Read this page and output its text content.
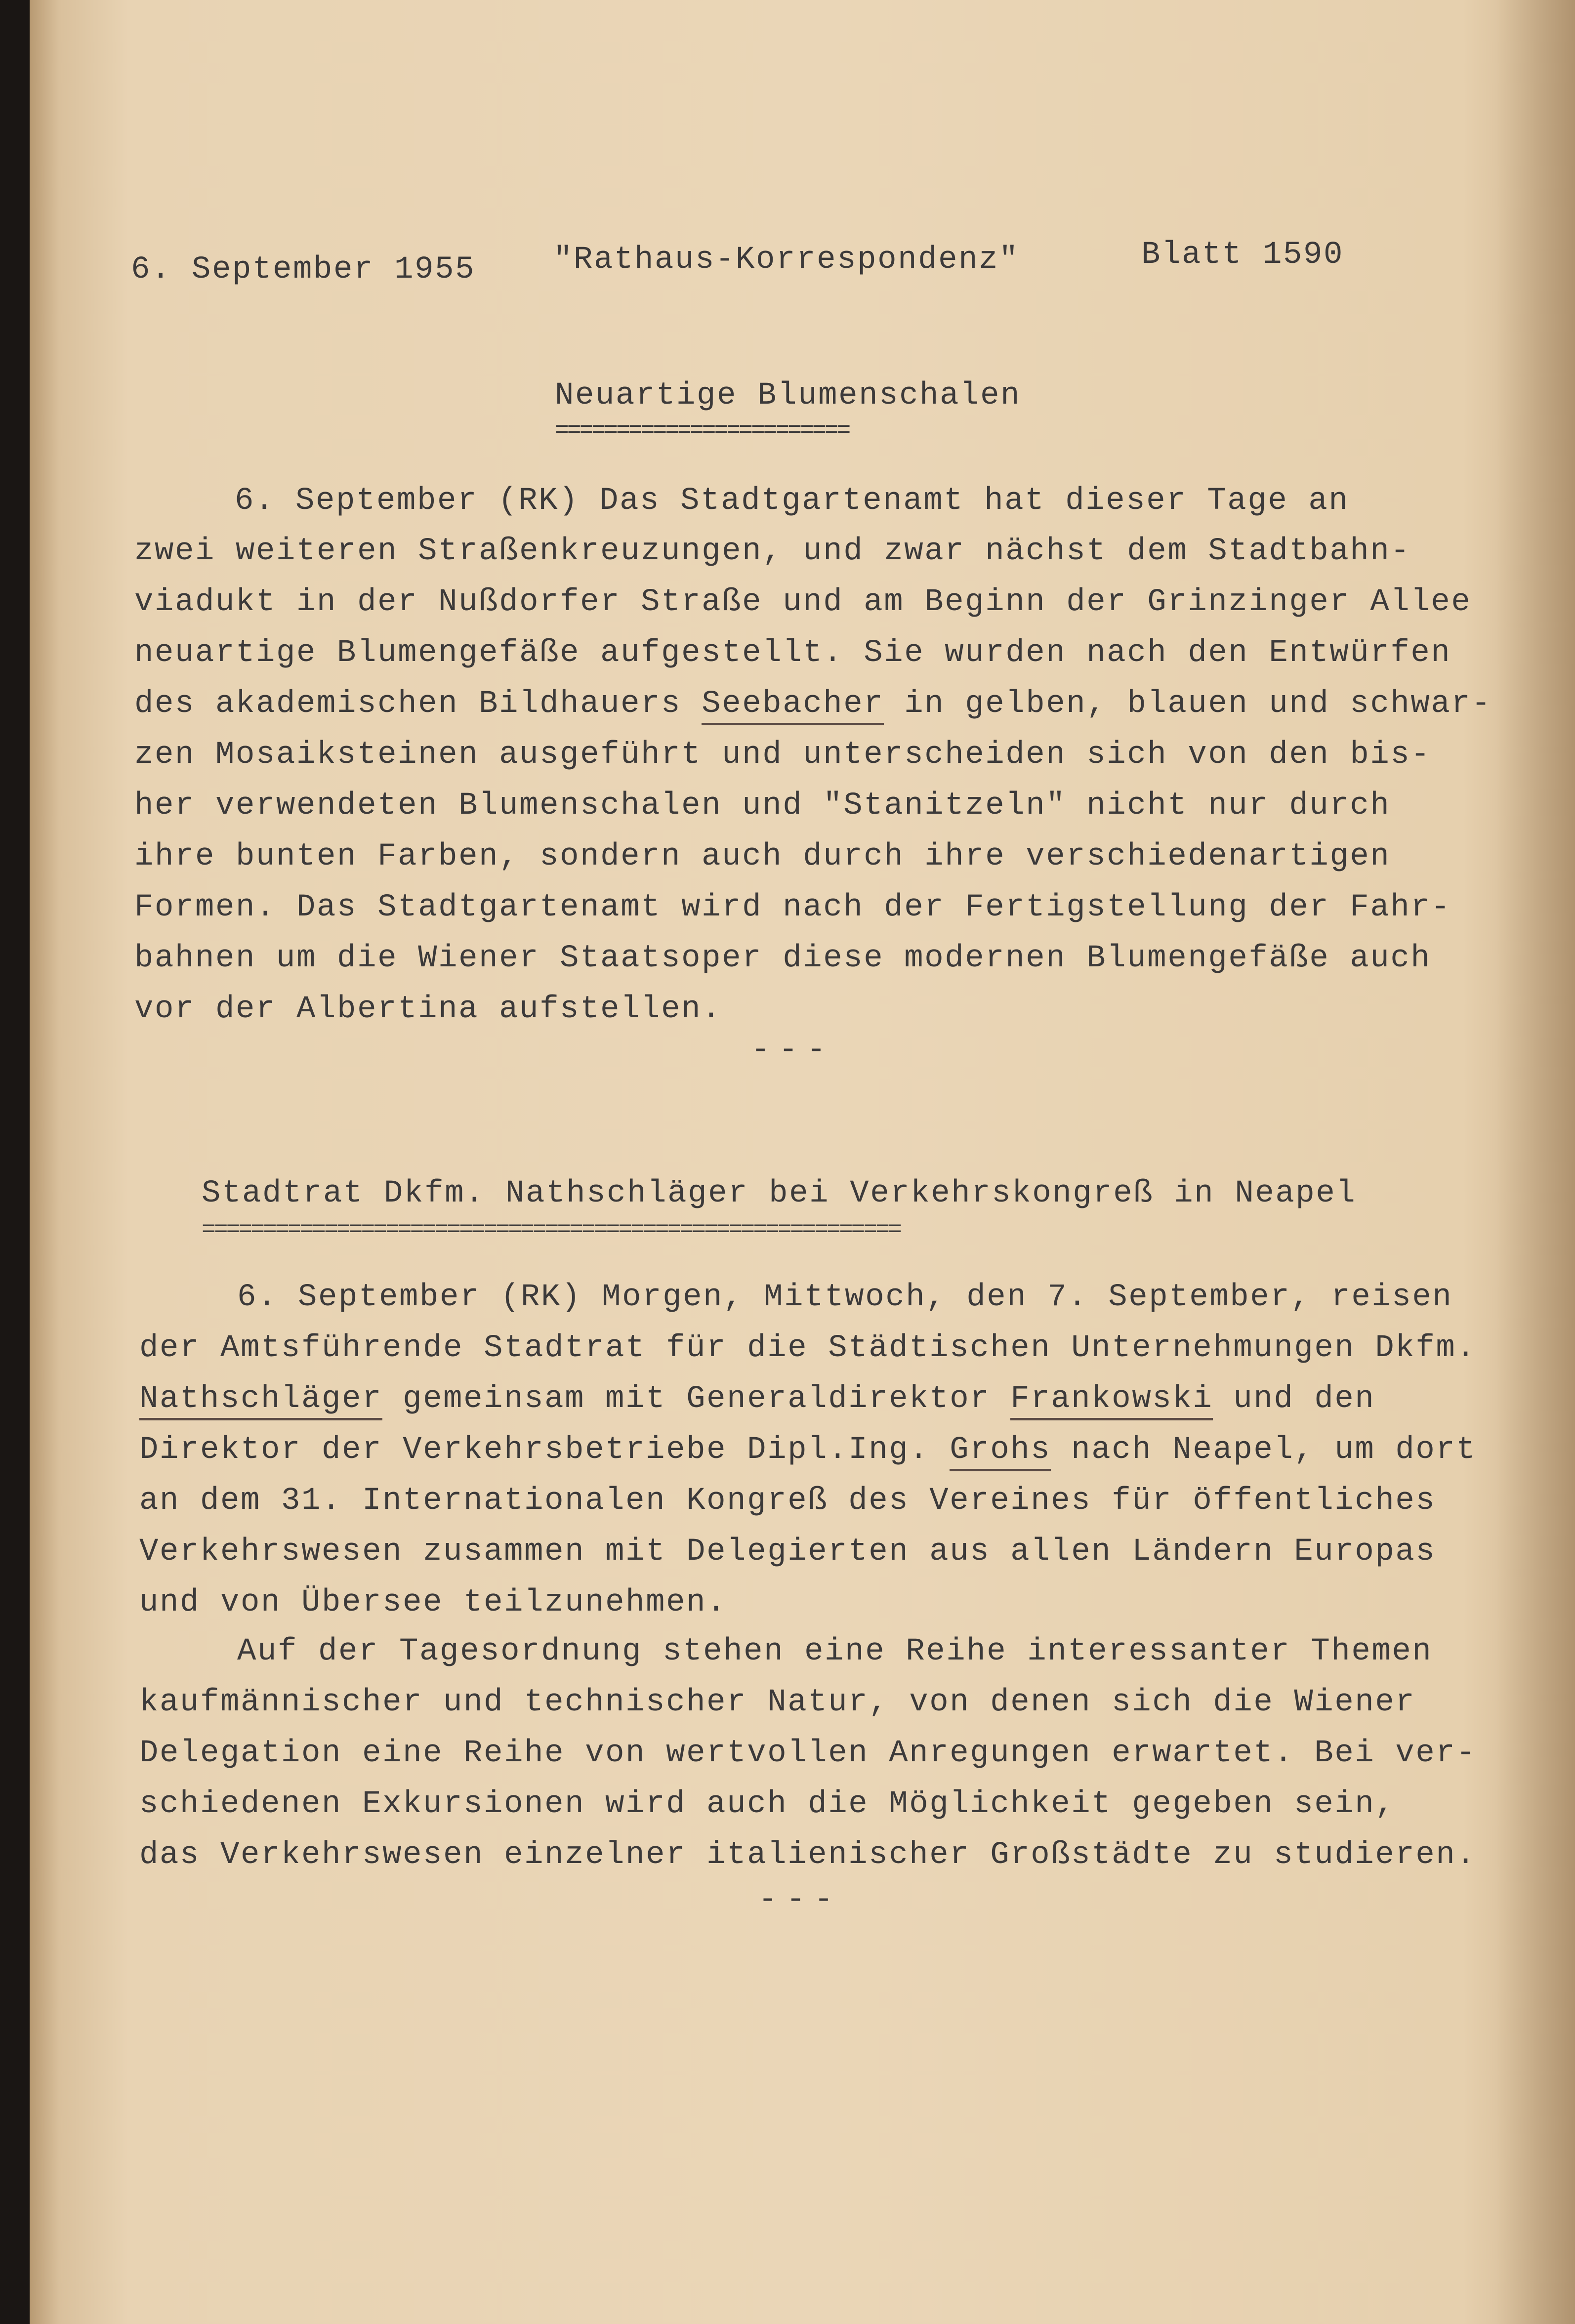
6. September 1955 "Rathaus-Korrespondenz"	Blatt 1590
Neuartige Blumenschalen
========================
6. September (RK) Das Stadtgartenamt hat dieser Tage an
zwei weiteren Straßenkreuzungen, und zwar nächst dem Stadtbahn-
viadukt in der Nußdorfer Straße und am Beginn der Grinzinger Allee
neuartige Blumengefäße aufgestellt. Sie wurden nach den Entwürfen
des akademischen Bildhauers Seebacher in gelben, blauen und schwar-
zen Mosaiksteinen ausgeführt und unterscheiden sich von den bis-
her verwendeten Blumenschalen und "Stanitzeln" nicht nur durch
ihre bunten Farben, sondern auch durch ihre verschiedenartigen
Formen. Das Stadtgartenamt wird nach der Fertigstellung der Fahr-
bahnen um die Wiener Staatsoper diese modernen Blumengefäße auch
vor der Albertina aufstellen.
---
Stadtrat Dkfm. Nathschläger bei Verkehrskongreß in Neapel
=========================================================
6. September (RK) Morgen, Mittwoch, den 7. September, reisen
der Amtsführende Stadtrat für die Städtischen Unternehmungen Dkfm.
Nathschläger gemeinsam mit Generaldirektor Frankowski und den
Direktor der Verkehrsbetriebe Dipl.Ing. Grohs nach Neapel, um dort
an dem 31. Internationalen Kongreß des Vereines für öffentliches
Verkehrswesen zusammen mit Delegierten aus allen Ländern Europas
und von Übersee teilzunehmen.
Auf der Tagesordnung stehen eine Reihe interessanter Themen
kaufmännischer und technischer Natur, von denen sich die Wiener
Delegation eine Reihe von wertvollen Anregungen erwartet. Bei ver-
schiedenen Exkursionen wird auch die Möglichkeit gegeben sein,
das Verkehrswesen einzelner italienischer Großstädte zu studieren.
---
